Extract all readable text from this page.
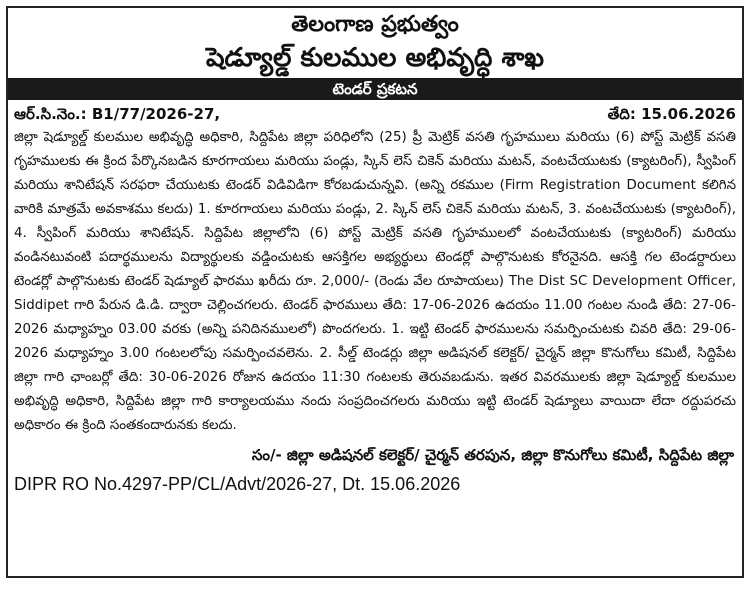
తెలంగాణ ప్రభుత్వం
షెడ్యూల్డ్ కులముల అభివృద్ధి శాఖ
టెండర్ ప్రకటన
ఆర్.సి.నెం.: B1/77/2026-27,	తేది: 15.06.2026
జిల్లా షెడ్యూల్డ్ కులముల అభివృద్ధి అధికారి, సిద్దిపేట జిల్లా పరిధిలోని (25) ప్రీ మెట్రిక్ వసతి గృహములు మరియు (6) పోస్ట్ మెట్రిక్ వసతి గృహములకు ఈ క్రింద పేర్కొనబడిన కూరగాయలు మరియు పండ్లు, స్కిన్ లెస్ చికెన్ మరియు మటన్, వంటచేయుటకు (క్యాటరింగ్), స్వీపింగ్ మరియు శానిటేషన్ సరఫరా చేయుటకు టెండర్ విడివిడిగా కోరబడుచున్నవి. (అన్ని రకముల (Firm Registration Document కలిగిన వారికి మాత్రమే అవకాశము కలదు) 1. కూరగాయలు మరియు పండ్లు, 2. స్కిన్ లెస్ చికెన్ మరియు మటన్, 3. వంటచేయుటకు (క్యాటరింగ్), 4. స్వీపింగ్ మరియు శానిటేషన్. సిద్దిపేట జిల్లాలోని (6) పోస్ట్ మెట్రిక్ వసతి గృహములలో వంటచేయుటకు (క్యాటరింగ్) మరియు వండినటువంటి పదార్థములను విద్యార్థులకు వడ్డించుటకు ఆసక్తిగల అభ్యర్థులు టెండర్లో పాల్గొనుటకు కోరనైనది. ఆసక్తి గల టెండర్దారులు టెండర్లో పాల్గొనుటకు టెండర్ షెడ్యూల్ ఫారము ఖరీదు రూ. 2,000/- (రెండు వేల రూపాయలు) The Dist SC Development Officer, Siddipet గారి పేరున డి.డి. ద్వారా చెల్లించగలరు. టెండర్ ఫారములు తేది: 17-06-2026 ఉదయం 11.00 గంటల నుండి తేది: 27-06-2026 మధ్యాహ్నం 03.00 వరకు (అన్ని పనిదినములలో) పొందగలరు. 1. ఇట్టి టెండర్ ఫారములను సమర్పించుటకు చివరి తేది: 29-06-2026 మధ్యాహ్నం 3.00 గంటలలోపు సమర్పించవలెను. 2. సీల్డ్ టెండర్లు జిల్లా అడిషనల్ కలెక్టర్/ చైర్మన్ జిల్లా కొనుగోలు కమిటీ, సిద్దిపేట జిల్లా గారి ఛాంబర్లో తేది: 30-06-2026 రోజున ఉదయం 11:30 గంటలకు తెరువబడును. ఇతర వివరములకు జిల్లా షెడ్యూల్డ్ కులముల అభివృద్ధి అధికారి, సిద్దిపేట జిల్లా గారి కార్యాలయము నందు సంప్రదించగలరు మరియు ఇట్టి టెండర్ షెడ్యూలు వాయిదా లేదా రద్దుపరచు అధికారం ఈ క్రింది సంతకందారునకు కలదు.
సం/- జిల్లా అడిషనల్ కలెక్టర్/ చైర్మన్ తరపున, జిల్లా కొనుగోలు కమిటీ, సిద్దిపేట జిల్లా
DIPR RO No.4297-PP/CL/Advt/2026-27, Dt. 15.06.2026
